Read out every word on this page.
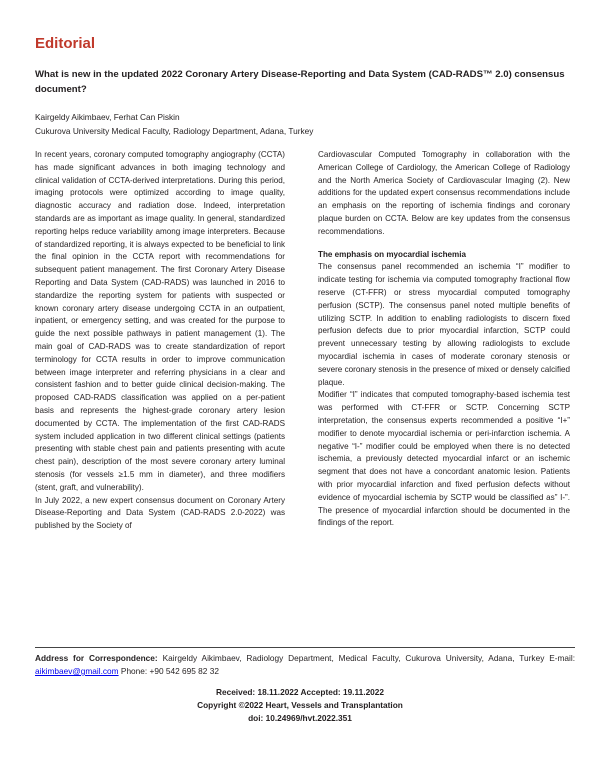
Editorial
What is new in the updated 2022 Coronary Artery Disease-Reporting and Data System (CAD-RADS™ 2.0) consensus document?
Kairgeldy Aikimbaev, Ferhat Can Piskin
Cukurova University Medical Faculty, Radiology Department, Adana, Turkey

In recent years, coronary computed tomography angiography (CCTA) has made significant advances in both imaging technology and clinical validation of CCTA-derived interpretations. During this period, imaging protocols were optimized according to image quality, diagnostic accuracy and radiation dose. Indeed, interpretation standards are as important as image quality. In general, standardized reporting helps reduce variability among image interpreters. Because of standardized reporting, it is always expected to be beneficial to link the final opinion in the CCTA report with recommendations for subsequent patient management. The first Coronary Artery Disease Reporting and Data System (CAD-RADS) was launched in 2016 to standardize the reporting system for patients with suspected or known coronary artery disease undergoing CCTA in an outpatient, inpatient, or emergency setting, and was created for the purpose to guide the next possible pathways in patient management (1). The main goal of CAD-RADS was to create standardization of report terminology for CCTA results in order to improve communication between image interpreter and referring physicians in a clear and consistent fashion and to better guide clinical decision-making. The proposed CAD-RADS classification was applied on a per-patient basis and represents the highest-grade coronary artery lesion documented by CCTA. The implementation of the first CAD-RADS system included application in two different clinical settings (patients presenting with stable chest pain and patients presenting with acute chest pain), description of the most severe coronary artery luminal stenosis (for vessels ≥1.5 mm in diameter), and three modifiers (stent, graft, and vulnerability).

In July 2022, a new expert consensus document on Coronary Artery Disease-Reporting and Data System (CAD-RADS 2.0-2022) was published by the Society of

Cardiovascular Computed Tomography in collaboration with the American College of Cardiology, the American College of Radiology and the North America Society of Cardiovascular Imaging (2). New additions for the updated expert consensus recommendations include an emphasis on the reporting of ischemia findings and coronary plaque burden on CCTA. Below are key updates from the consensus recommendations.

The emphasis on myocardial ischemia

The consensus panel recommended an ischemia “I” modifier to indicate testing for ischemia via computed tomography fractional flow reserve (CT-FFR) or stress myocardial computed tomography perfusion (SCTP). The consensus panel noted multiple benefits of utilizing SCTP. In addition to enabling radiologists to discern fixed perfusion defects due to prior myocardial infarction, SCTP could prevent unnecessary testing by allowing radiologists to exclude myocardial ischemia in cases of moderate coronary stenosis or severe coronary stenosis in the presence of mixed or densely calcified plaque.

Modifier “I” indicates that computed tomography-based ischemia test was performed with CT-FFR or SCTP. Concerning SCTP interpretation, the consensus experts recommended a positive “I+” modifier to denote myocardial ischemia or peri-infarction ischemia. A negative “I-” modifier could be employed when there is no detected ischemia, a previously detected myocardial infarct or an ischemic segment that does not have a concordant anatomic lesion. Patients with prior myocardial infarction and fixed perfusion defects without evidence of myocardial ischemia by SCTP would be classified as” I-”. The presence of myocardial infarction should be documented in the findings of the report.

Address for Correspondence: Kairgeldy Aikimbaev, Radiology Department, Medical Faculty, Cukurova University, Adana, Turkey E-mail: aikimbaev@gmail.com Phone: +90 542 695 82 32
Received: 18.11.2022 Accepted: 19.11.2022
Copyright ©2022 Heart, Vessels and Transplantation
doi: 10.24969/hvt.2022.351
